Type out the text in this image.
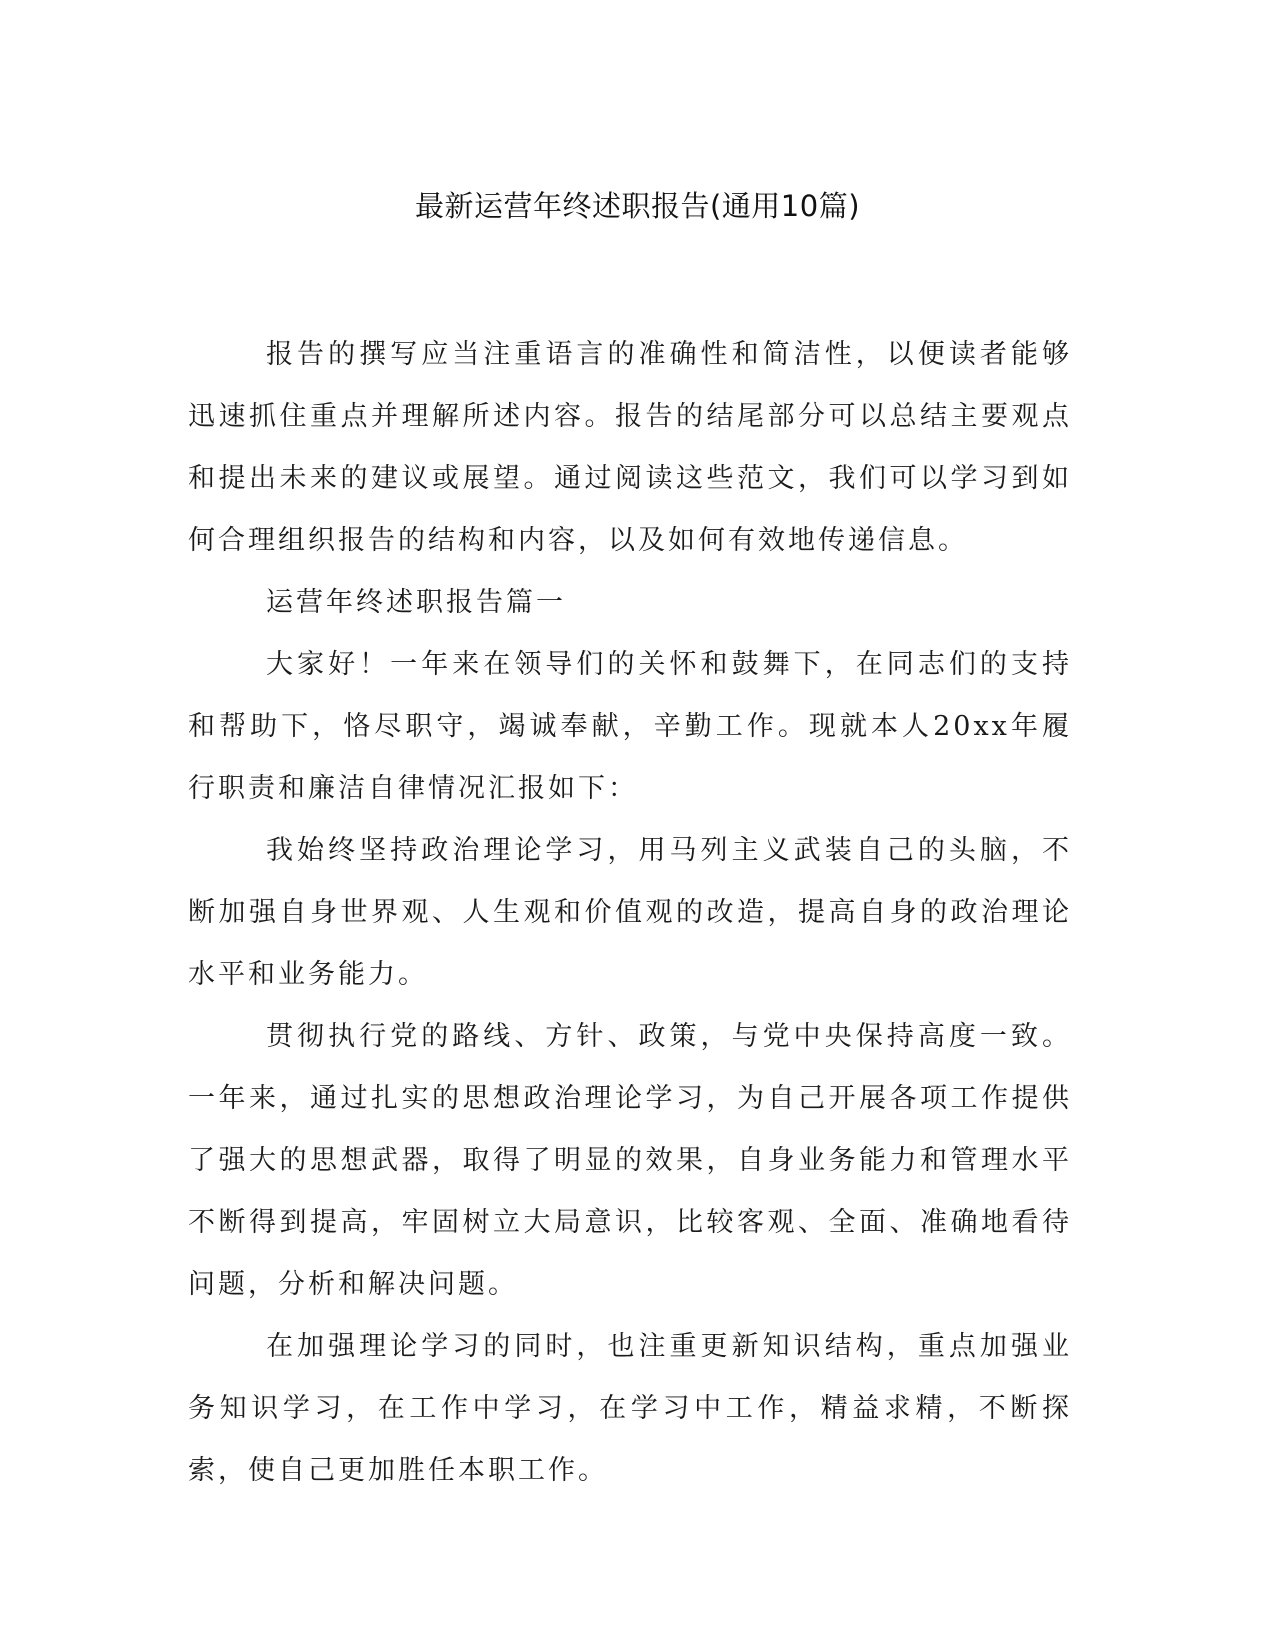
最新运营年终述职报告(通用10篇)

报告的撰写应当注重语言的准确性和简洁性，以便读者能够迅速抓住重点并理解所述内容。报告的结尾部分可以总结主要观点和提出未来的建议或展望。通过阅读这些范文，我们可以学习到如何合理组织报告的结构和内容，以及如何有效地传递信息。

运营年终述职报告篇一

大家好！一年来在领导们的关怀和鼓舞下，在同志们的支持和帮助下，恪尽职守，竭诚奉献，辛勤工作。现就本人20xx年履行职责和廉洁自律情况汇报如下：

我始终坚持政治理论学习，用马列主义武装自己的头脑，不断加强自身世界观、人生观和价值观的改造，提高自身的政治理论水平和业务能力。

贯彻执行党的路线、方针、政策，与党中央保持高度一致。一年来，通过扎实的思想政治理论学习，为自己开展各项工作提供了强大的思想武器，取得了明显的效果，自身业务能力和管理水平不断得到提高，牢固树立大局意识，比较客观、全面、准确地看待问题，分析和解决问题。

在加强理论学习的同时，也注重更新知识结构，重点加强业务知识学习，在工作中学习，在学习中工作，精益求精，不断探索，使自己更加胜任本职工作。
